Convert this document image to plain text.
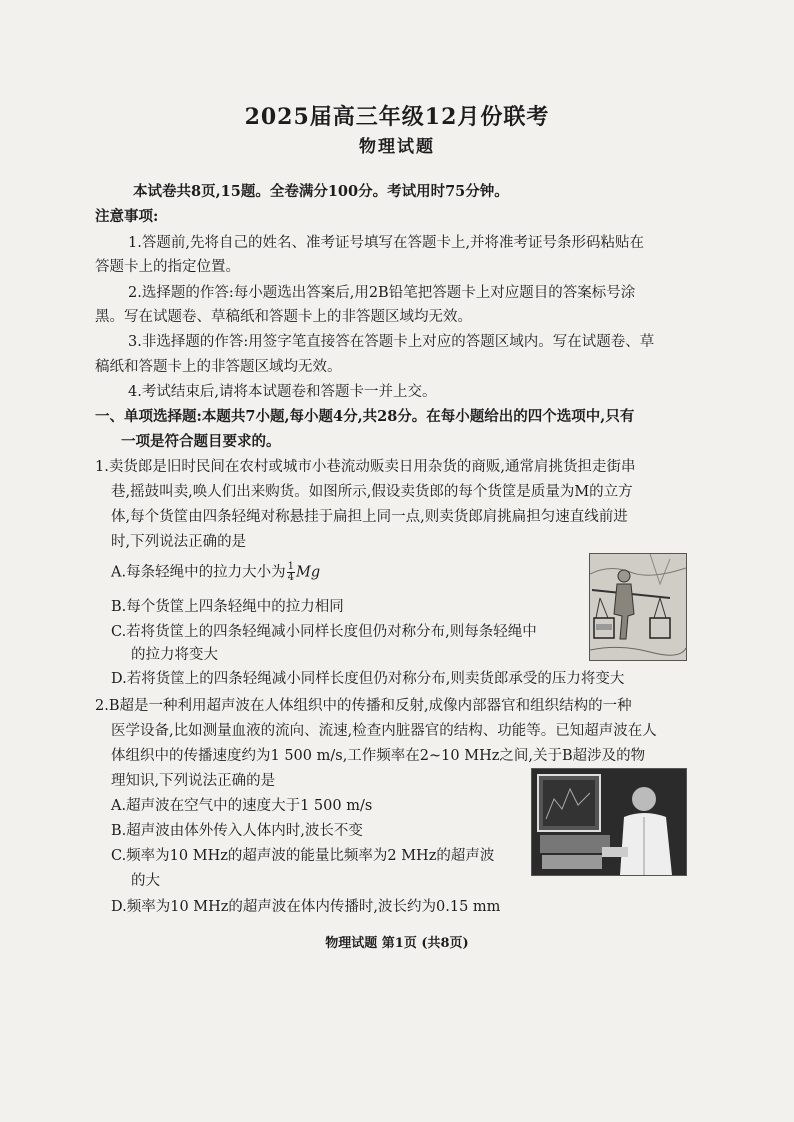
2025届高三年级12月份联考
物理试题
本试卷共8页,15题。全卷满分100分。考试用时75分钟。
注意事项:
1.答题前,先将自己的姓名、准考证号填写在答题卡上,并将准考证号条形码粘贴在
答题卡上的指定位置。
2.选择题的作答:每小题选出答案后,用2B铅笔把答题卡上对应题目的答案标号涂
黑。写在试题卷、草稿纸和答题卡上的非答题区域均无效。
3.非选择题的作答:用签字笔直接答在答题卡上对应的答题区域内。写在试题卷、草
稿纸和答题卡上的非答题区域均无效。
4.考试结束后,请将本试题卷和答题卡一并上交。
一、单项选择题:本题共7小题,每小题4分,共28分。在每小题给出的四个选项中,只有
一项是符合题目要求的。
1.卖货郎是旧时民间在农村或城市小巷流动贩卖日用杂货的商贩,通常肩挑货担走街串
巷,摇鼓叫卖,唤人们出来购货。如图所示,假设卖货郎的每个货筐是质量为M的立方
体,每个货筐由四条轻绳对称悬挂于扁担上同一点,则卖货郎肩挑扁担匀速直线前进
时,下列说法正确的是
A.每条轻绳中的拉力大小为 $\frac{1}{4}$ Mg
B.每个货筐上四条轻绳中的拉力相同
C.若将货筐上的四条轻绳减小同样长度但仍对称分布,则每条轻绳中
的拉力将变大
D.若将货筐上的四条轻绳减小同样长度但仍对称分布,则卖货郎承受的压力将变大
2.B超是一种利用超声波在人体组织中的传播和反射,成像内部器官和组织结构的一种
医学设备,比如测量血液的流向、流速,检查内脏器官的结构、功能等。已知超声波在人
体组织中的传播速度约为1 500 m/s,工作频率在2~10 MHz之间,关于B超涉及的物
理知识,下列说法正确的是
A.超声波在空气中的速度大于1 500 m/s
B.超声波由体外传入人体内时,波长不变
C.频率为10 MHz的超声波的能量比频率为2 MHz的超声波
的大
D.频率为10 MHz的超声波在体内传播时,波长约为0.15 mm
物理试题 第1页 (共8页)
